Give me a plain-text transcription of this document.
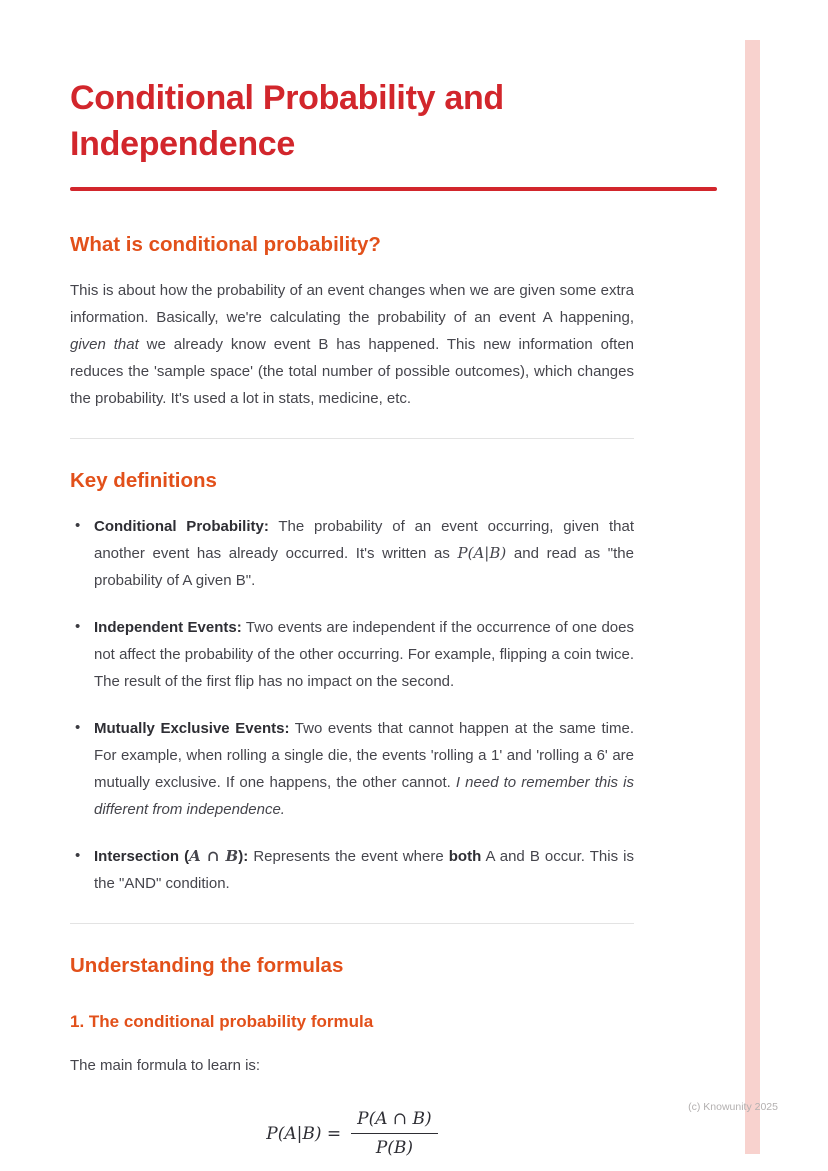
Conditional Probability and Independence
What is conditional probability?

This is about how the probability of an event changes when we are given some extra information. Basically, we're calculating the probability of an event A happening, given that we already know event B has happened. This new information often reduces the 'sample space' (the total number of possible outcomes), which changes the probability. It's used a lot in stats, medicine, etc.

Key definitions
• Conditional Probability: The probability of an event occurring, given that another event has already occurred. It's written as P(A|B) and read as "the probability of A given B".
• Independent Events: Two events are independent if the occurrence of one does not affect the probability of the other occurring. For example, flipping a coin twice. The result of the first flip has no impact on the second.
• Mutually Exclusive Events: Two events that cannot happen at the same time. For example, when rolling a single die, the events 'rolling a 1' and 'rolling a 6' are mutually exclusive. If one happens, the other cannot. I need to remember this is different from independence.
• Intersection (A ∩ B): Represents the event where both A and B occur. This is the "AND" condition.
Understanding the formulas
1. The conditional probability formula

The main formula to learn is:

$P(A|B) = \frac{P(A \cap B)}{P(B)}$
(c) Knowunity 2025
